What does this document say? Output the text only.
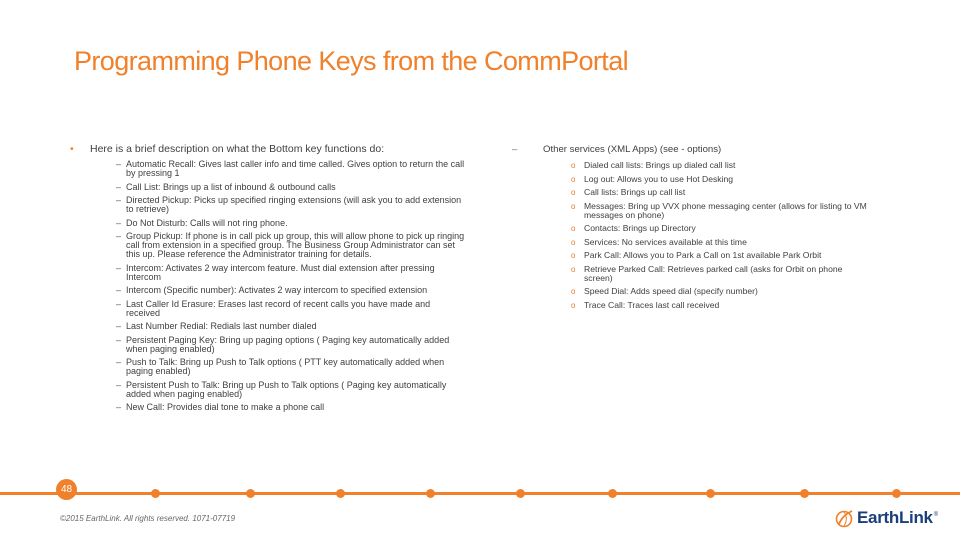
Programming Phone Keys from the CommPortal
•	Here is a brief description on what the Bottom key functions do:
– Automatic Recall: Gives last caller info and time called. Gives option to return the call by pressing 1
– Call List: Brings up a list of inbound & outbound calls
– Directed Pickup: Picks up specified ringing extensions (will ask you to add extension to retrieve)
– Do Not Disturb: Calls will not ring phone.
– Group Pickup: If phone is in call pick up group, this will allow phone to pick up ringing call from extension in a specified group. The Business Group Administrator can set this up. Please reference the Administrator training for details.
– Intercom: Activates 2 way intercom feature. Must dial extension after pressing Intercom
– Intercom (Specific number): Activates 2 way intercom to specified extension
– Last Caller Id Erasure: Erases last record of recent calls you have made and received
– Last Number Redial: Redials last number dialed
– Persistent Paging Key: Bring up paging options ( Paging key automatically added when paging enabled)
– Push to Talk: Bring up Push to Talk options ( PTT key automatically added when paging enabled)
– Persistent Push to Talk: Bring up Push to Talk options ( Paging key automatically added when paging enabled)
– New Call: Provides dial tone to make a phone call
–	Other services (XML Apps) (see - options)
o Dialed call lists: Brings up dialed call list
o Log out: Allows you to use Hot Desking
o Call lists: Brings up call list
o Messages: Bring up VVX phone messaging center (allows for listing to VM messages on phone)
o Contacts: Brings up Directory
o Services: No services available at this time
o Park Call: Allows you to Park a Call on 1st available Park Orbit
o Retrieve Parked Call: Retrieves parked call (asks for Orbit on phone screen)
o Speed Dial: Adds speed dial (specify number)
o Trace Call: Traces last call received
48
©2015 EarthLink. All rights reserved. 1071-07719	EarthLink ®
